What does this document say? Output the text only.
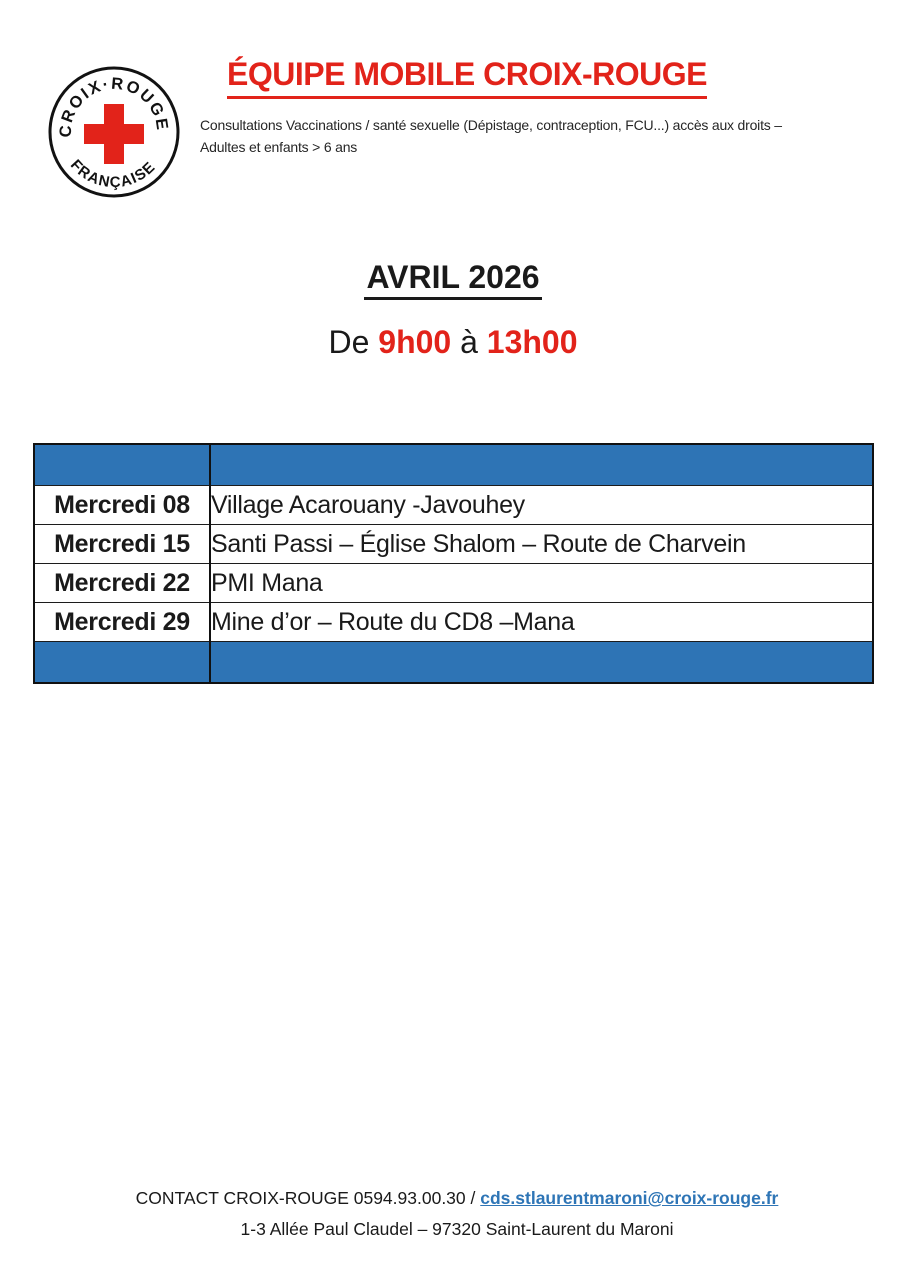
CROIX·ROUGE
FRANÇAISE
ÉQUIPE MOBILE CROIX-ROUGE
Consultations Vaccinations / santé sexuelle (Dépistage, contraception, FCU...) accès aux droits –
Adultes et enfants > 6 ans
AVRIL 2026
De 9h00 à 13h00

Mercredi 08	Village Acarouany -Javouhey
Mercredi 15	Santi Passi – Église Shalom – Route de Charvein
Mercredi 22	PMI Mana
Mercredi 29	Mine d’or – Route du CD8 –Mana

CONTACT CROIX-ROUGE 0594.93.00.30 / cds.stlaurentmaroni@croix-rouge.fr
1-3 Allée Paul Claudel – 97320 Saint-Laurent du Maroni
